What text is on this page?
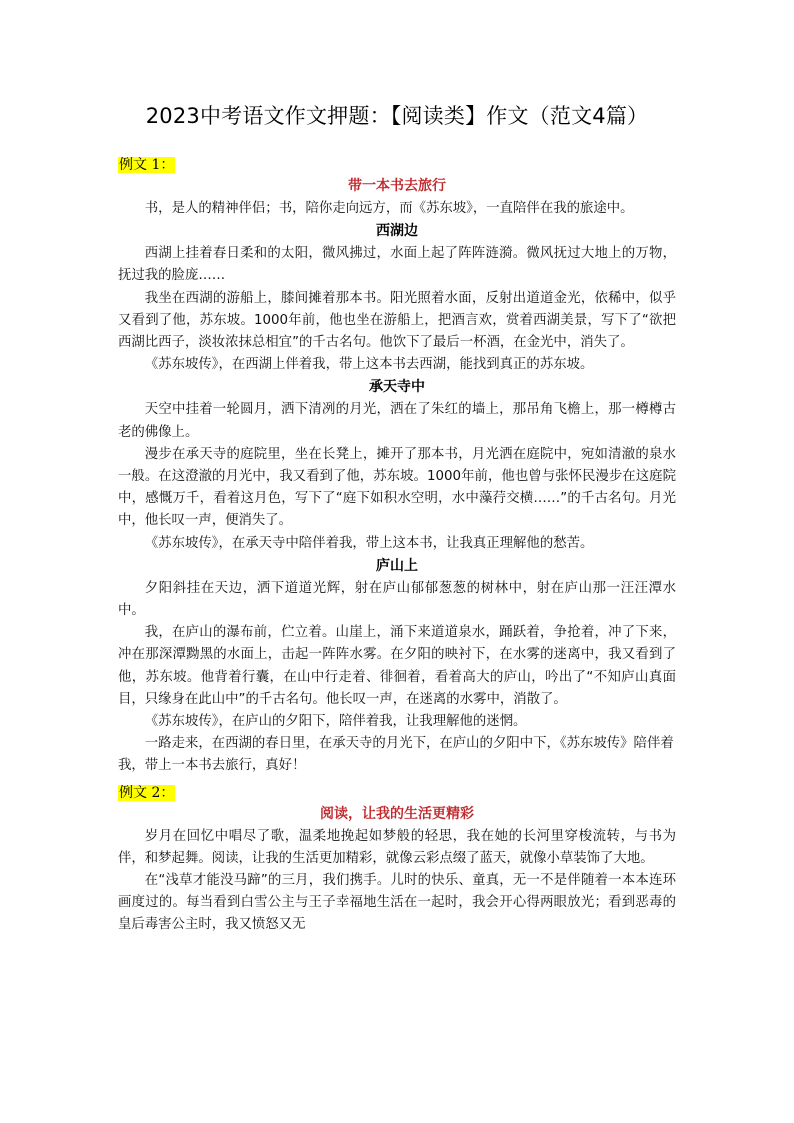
2023中考语文作文押题：【阅读类】作文（范文4篇）
例文 1：
带一本书去旅行

书，是人的精神伴侣；书，陪你走向远方，而《苏东坡》，一直陪伴在我的旅途中。

西湖边

西湖上挂着春日柔和的太阳，微风拂过，水面上起了阵阵涟漪。微风抚过大地上的万物，抚过我的脸庞……

我坐在西湖的游船上，膝间摊着那本书。阳光照着水面，反射出道道金光，依稀中，似乎又看到了他，苏东坡。1000年前，他也坐在游船上，把酒言欢，赏着西湖美景，写下了“欲把西湖比西子，淡妆浓抹总相宜”的千古名句。他饮下了最后一杯酒，在金光中，消失了。

《苏东坡传》，在西湖上伴着我，带上这本书去西湖，能找到真正的苏东坡。

承天寺中

天空中挂着一轮圆月，洒下清冽的月光，洒在了朱红的墙上，那吊角飞檐上，那一樽樽古老的佛像上。

漫步在承天寺的庭院里，坐在长凳上，摊开了那本书，月光洒在庭院中，宛如清澈的泉水一般。在这澄澈的月光中，我又看到了他，苏东坡。1000年前，他也曾与张怀民漫步在这庭院中，感慨万千，看着这月色，写下了“庭下如积水空明，水中藻荇交横……”的千古名句。月光中，他长叹一声，便消失了。

《苏东坡传》，在承天寺中陪伴着我，带上这本书，让我真正理解他的愁苦。

庐山上

夕阳斜挂在天边，洒下道道光辉，射在庐山郁郁葱葱的树林中，射在庐山那一汪汪潭水中。

我，在庐山的瀑布前，伫立着。山崖上，涌下来道道泉水，踊跃着，争抢着，冲了下来，冲在那深潭黝黑的水面上，击起一阵阵水雾。在夕阳的映衬下，在水雾的迷离中，我又看到了他，苏东坡。他背着行囊，在山中行走着、徘徊着，看着高大的庐山，吟出了“不知庐山真面目，只缘身在此山中”的千古名句。他长叹一声，在迷离的水雾中，消散了。

《苏东坡传》，在庐山的夕阳下，陪伴着我，让我理解他的迷惘。

一路走来，在西湖的春日里，在承天寺的月光下，在庐山的夕阳中下，《苏东坡传》陪伴着我，带上一本书去旅行，真好！

例文 2：
阅读，让我的生活更精彩

岁月在回忆中唱尽了歌，温柔地挽起如梦般的轻思，我在她的长河里穿梭流转，与书为伴，和梦起舞。阅读，让我的生活更加精彩，就像云彩点缀了蓝天，就像小草装饰了大地。

在“浅草才能没马蹄”的三月，我们携手。儿时的快乐、童真，无一不是伴随着一本本连环画度过的。每当看到白雪公主与王子幸福地生活在一起时，我会开心得两眼放光；看到恶毒的皇后毒害公主时，我又愤怒又无
